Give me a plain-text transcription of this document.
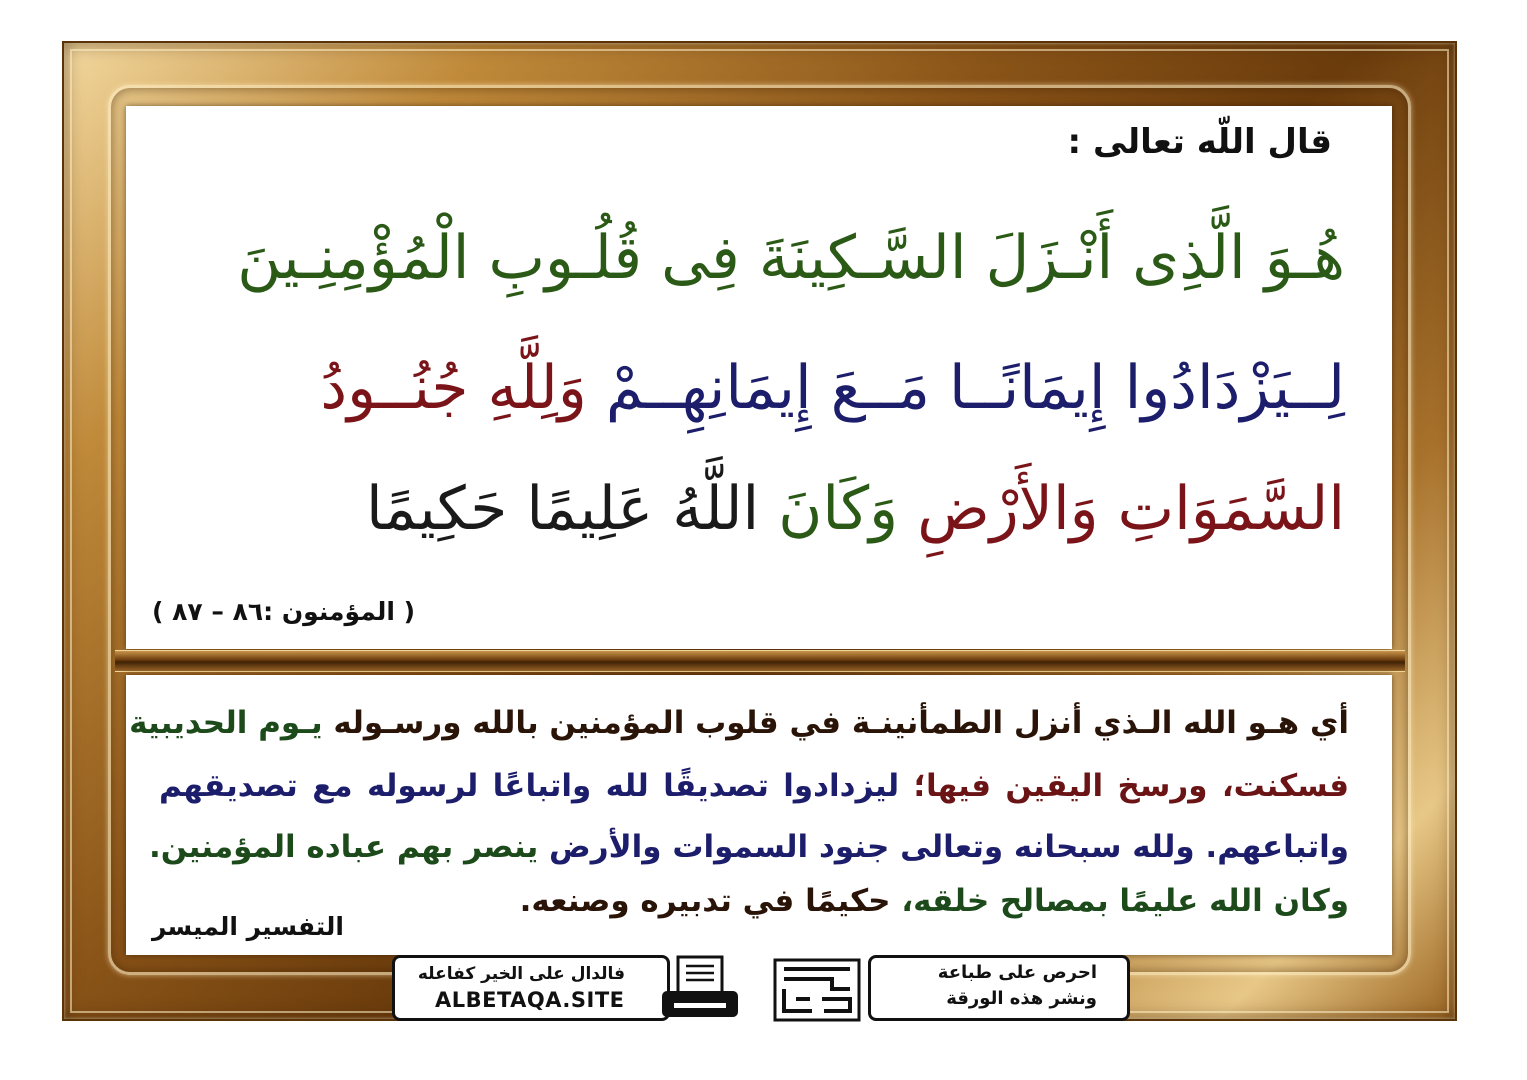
قال اللّه تعالى :
هُـوَ الَّذِى أَنْـزَلَ السَّـكِينَةَ فِى قُلُـوبِ الْمُؤْمِنِـينَ
لِــيَزْدَادُوا إِيمَانًــا مَــعَ إِيمَانِهِــمْ وَلِلَّهِ جُنُــودُ
السَّمَوَاتِ وَالأَرْضِ وَكَانَ اللَّهُ عَلِيمًا حَكِيمًا
( المؤمنون :٨٦ – ٨٧ )
أي هـو الله الـذي أنزل الطمأنينـة في قلوب المؤمنين بالله ورسـوله يـوم الحديبية
فسكنت، ورسخ اليقين فيها؛ ليزدادوا تصديقًا لله واتباعًا لرسوله مع تصديقهم
واتباعهم. ولله سبحانه وتعالى جنود السموات والأرض ينصر بهم عباده المؤمنين.
وكان الله عليمًا بمصالح خلقه، حكيمًا في تدبيره وصنعه.
التفسير الميسر
فالدال على الخير كفاعله
ALBETAQA.SITE
احرص على طباعة
ونشر هذه الورقة
